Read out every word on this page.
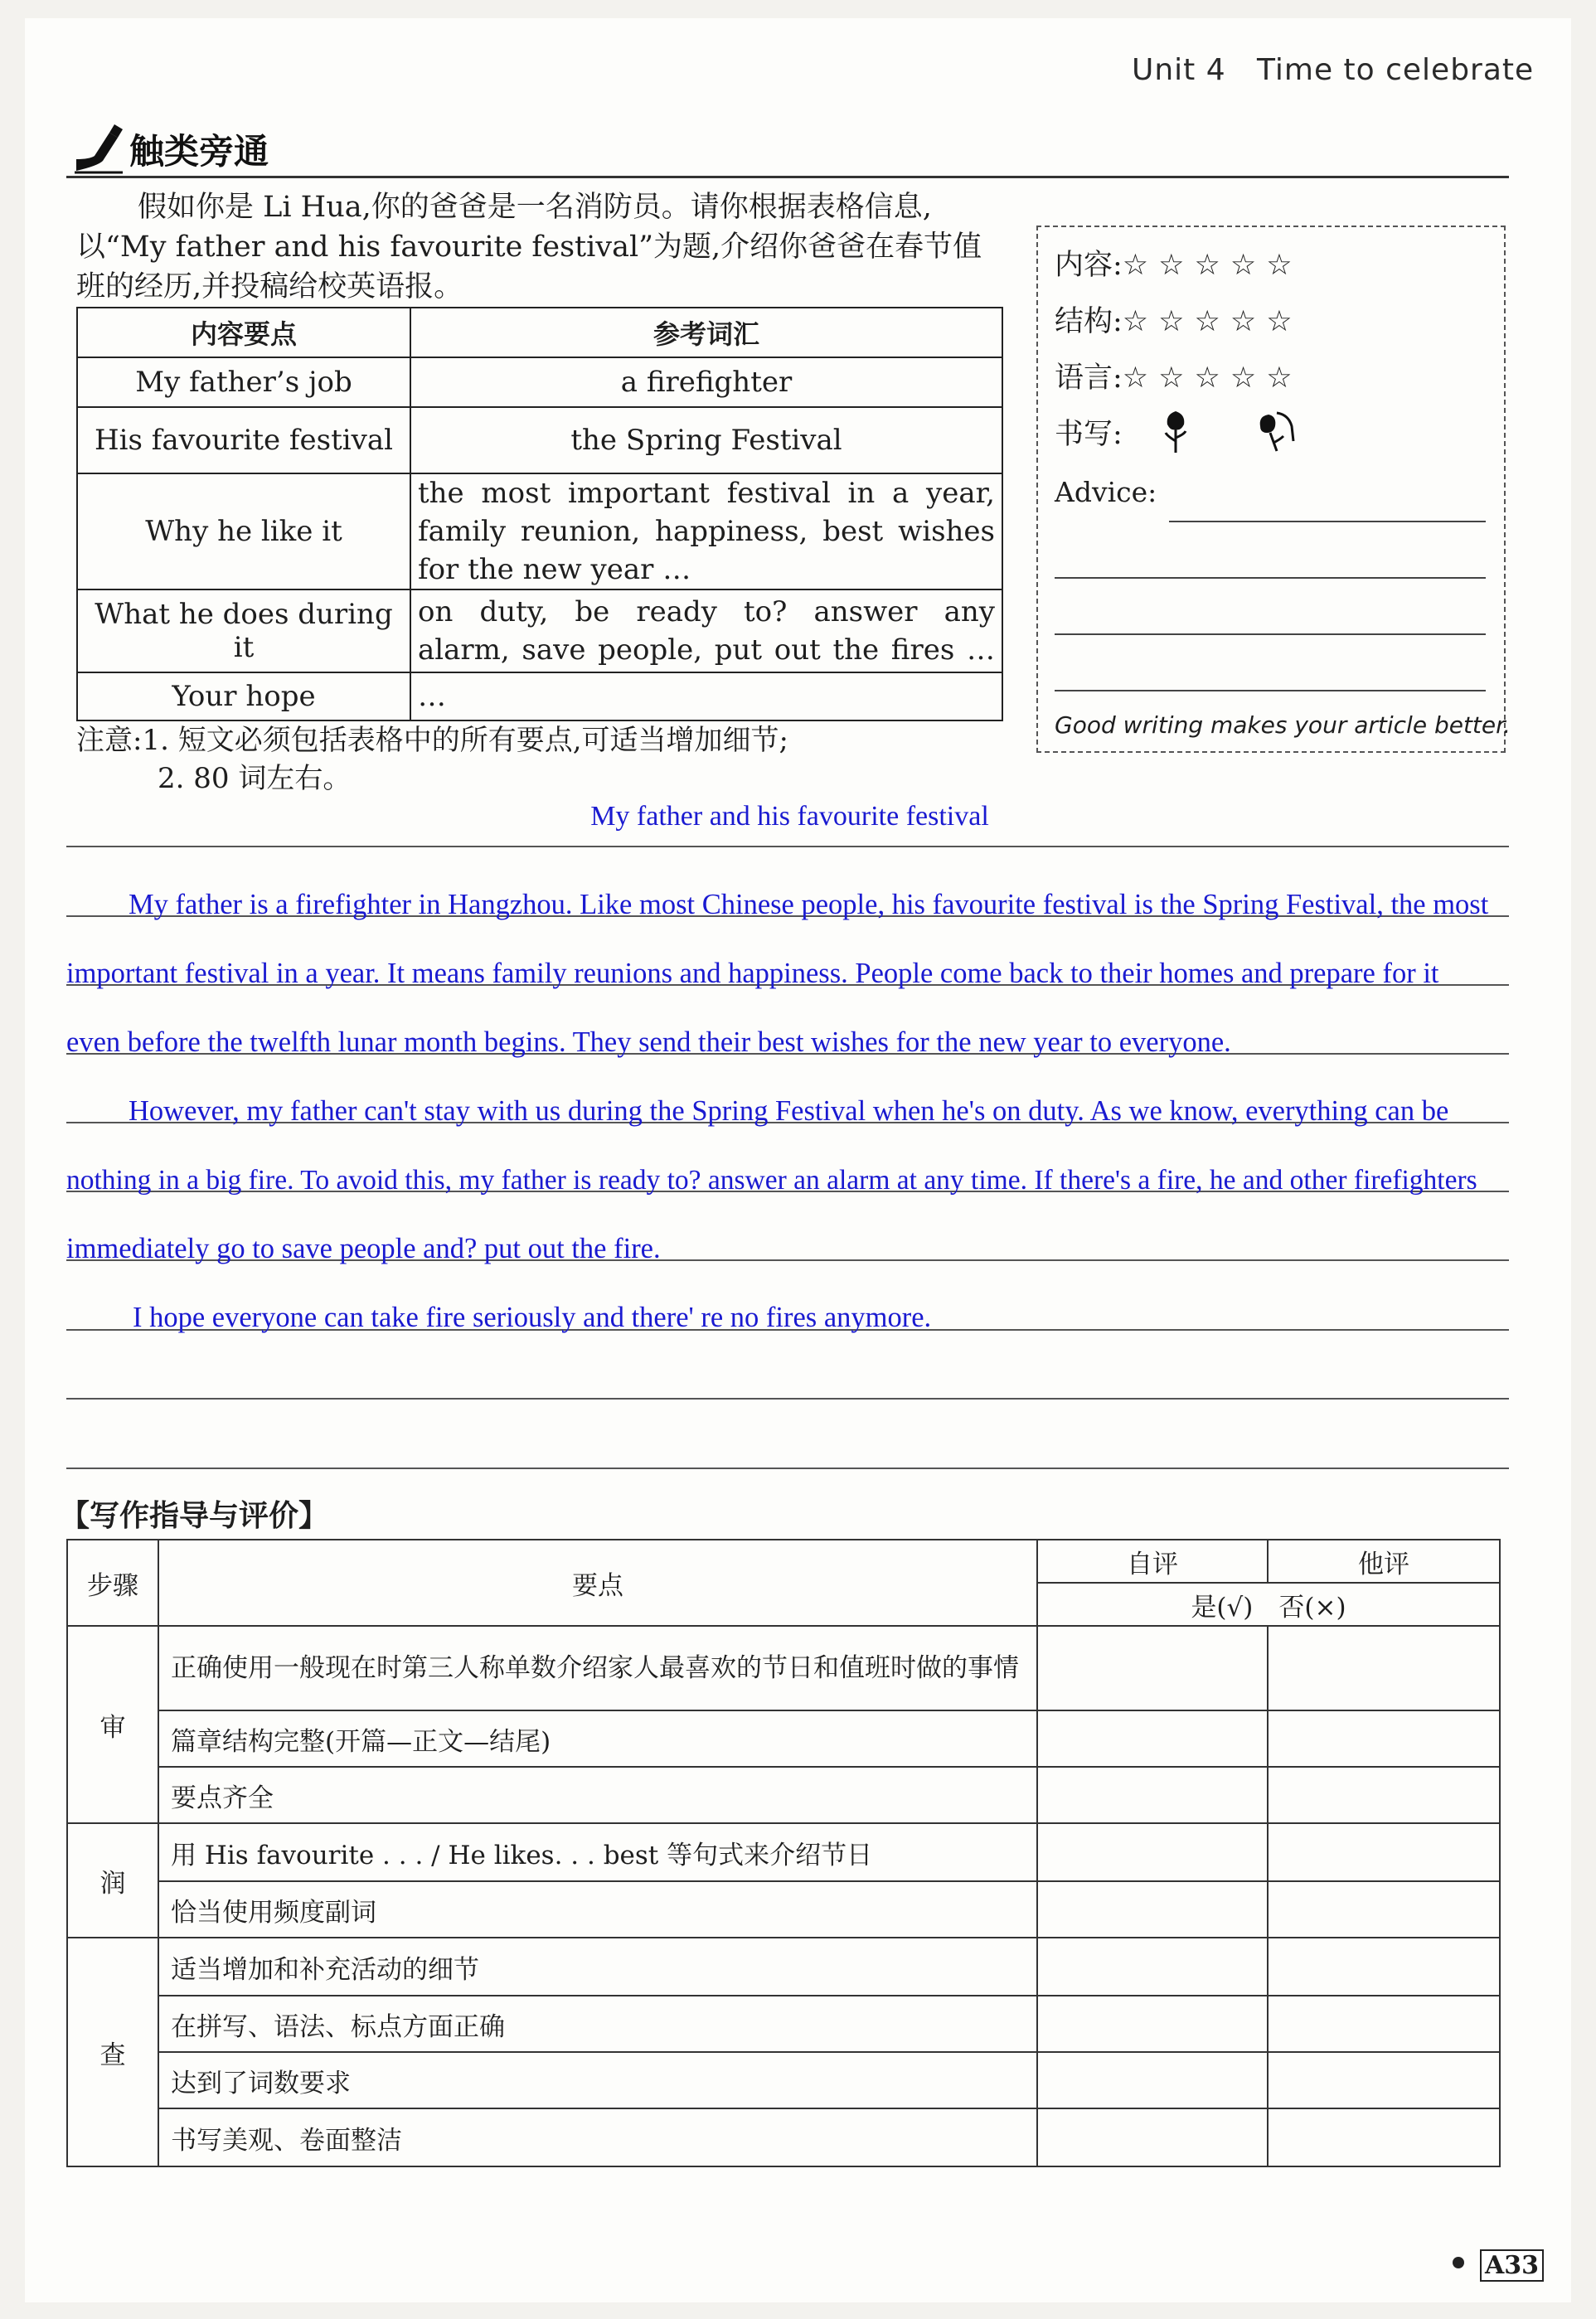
Unit 4 Time to celebrate
触类旁通

假如你是 Li Hua,你的爸爸是一名消防员。请你根据表格信息,以“My father and his favourite festival”为题,介绍你爸爸在春节值班的经历,并投稿给校英语报。

内容要点	参考词汇
My father’s job	a firefighter
His favourite festival	the Spring Festival
Why he like it	the most important festival in a year,
family reunion, happiness, best wishes
for the new year …

What he does during it	on duty, be ready to? answer any
alarm, save people, put out the fires …

Your hope	…
注意:1. 短文必须包括表格中的所有要点,可适当增加细节;
2. 80 词左右。
内容:☆☆☆☆☆
结构:☆☆☆☆☆
语言:☆☆☆☆☆
书写:
Advice:
Good writing makes your article better.
My father and his favourite festival

My father is a firefighter in Hangzhou. Like most Chinese people, his favourite festival is the Spring Festival, the most

important festival in a year. It means family reunions and happiness. People come back to their homes and prepare for it

even before the twelfth lunar month begins. They send their best wishes for the new year to everyone.

However, my father can't stay with us during the Spring Festival when he's on duty. As we know, everything can be

nothing in a big fire. To avoid this, my father is ready to? answer an alarm at any time. If there's a fire, he and other firefighters

immediately go to save people and? put out the fire.

I hope everyone can take fire seriously and there' re no fires anymore.

【写作指导与评价】
步骤	要点	自评	他评
		是(√)　否(×)	
审	正确使用一般现在时第三人称单数介绍家人最喜欢的节日和值班时做的事情		
	篇章结构完整(开篇—正文—结尾)		
	要点齐全		
润	用 His favourite . . . / He likes. . . best 等句式来介绍节日		
	恰当使用频度副词		
查	适当增加和补充活动的细节		
	在拼写、语法、标点方面正确		
	达到了词数要求		
	书写美观、卷面整洁		
A33
